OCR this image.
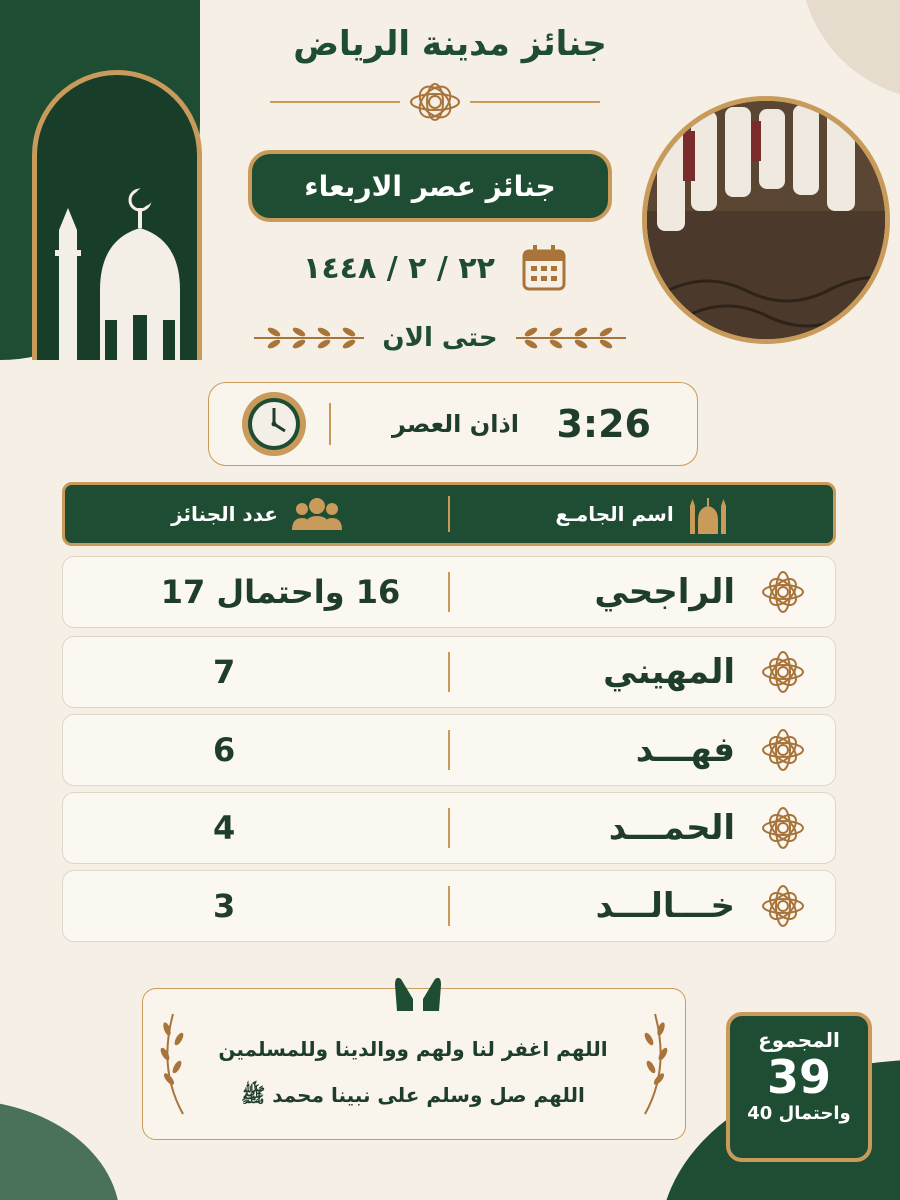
جنائز مدينة الرياض
جنائز عصر الاربعاء
٢٢ / ٢ / ١٤٤٨
حتى الان
اذان العصر 3:26
عدد الجنائز	اسم الجامـع
16 واحتمال 17	الراجحي
7	المهيني
6	فهـــد
4	الحمـــد
3	خـــالـــد
اللهم اغفر لنا ولهم ووالدينا وللمسلمين
اللهم صل وسلم على نبينا محمد ﷺ
المجموع
39
واحتمال 40
